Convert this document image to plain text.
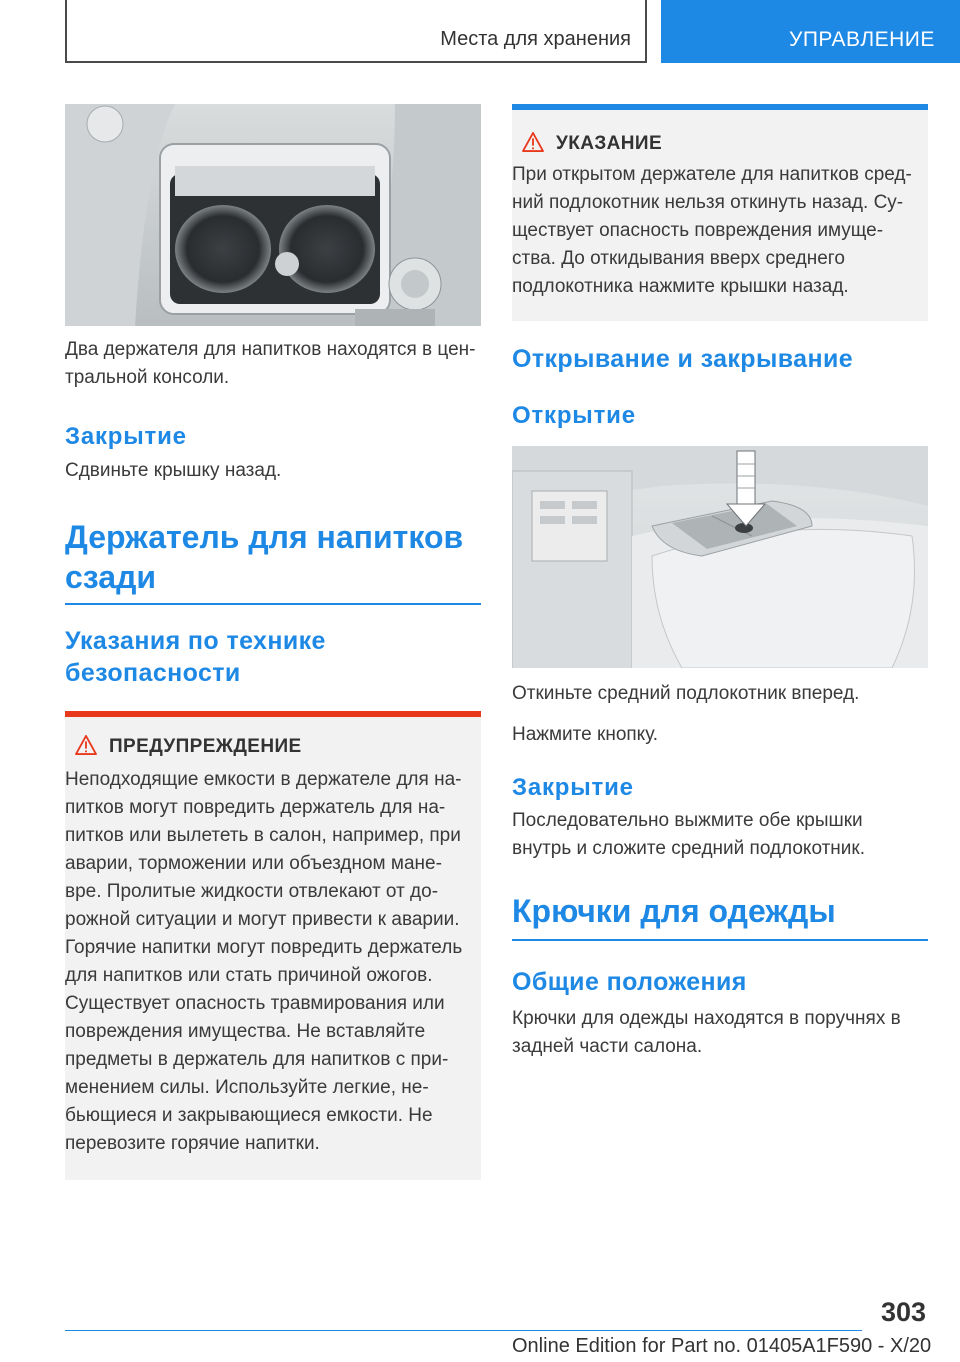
Места для хранения	УПРАВЛЕНИЕ

Два держателя для напитков находятся в цен-
тральной консоли.

Закрытие

Сдвиньте крышку назад.

Держатель для напитков
сзади
Указания по технике
безопасности
ПРЕДУПРЕЖДЕНИЕ

Неподходящие емкости в держателе для на-
питков могут повредить держатель для на-
питков или вылететь в салон, например, при
аварии, торможении или объездном мане-
вре. Пролитые жидкости отвлекают от до-
рожной ситуации и могут привести к аварии.
Горячие напитки могут повредить держатель
для напитков или стать причиной ожогов.
Существует опасность травмирования или
повреждения имущества. Не вставляйте
предметы в держатель для напитков с при-
менением силы. Используйте легкие, не-
бьющиеся и закрывающиеся емкости. Не
перевозите горячие напитки.

УКАЗАНИЕ

При открытом держателе для напитков сред-
ний подлокотник нельзя откинуть назад. Су-
ществует опасность повреждения имуще-
ства. До откидывания вверх среднего
подлокотника нажмите крышки назад.

Открывание и закрывание
Открытие

Откиньте средний подлокотник вперед.

Нажмите кнопку.

Закрытие

Последовательно выжмите обе крышки
внутрь и сложите средний подлокотник.

Крючки для одежды
Общие положения

Крючки для одежды находятся в поручнях в
задней части салона.

303
Online Edition for Part no. 01405A1F590 - X/20
